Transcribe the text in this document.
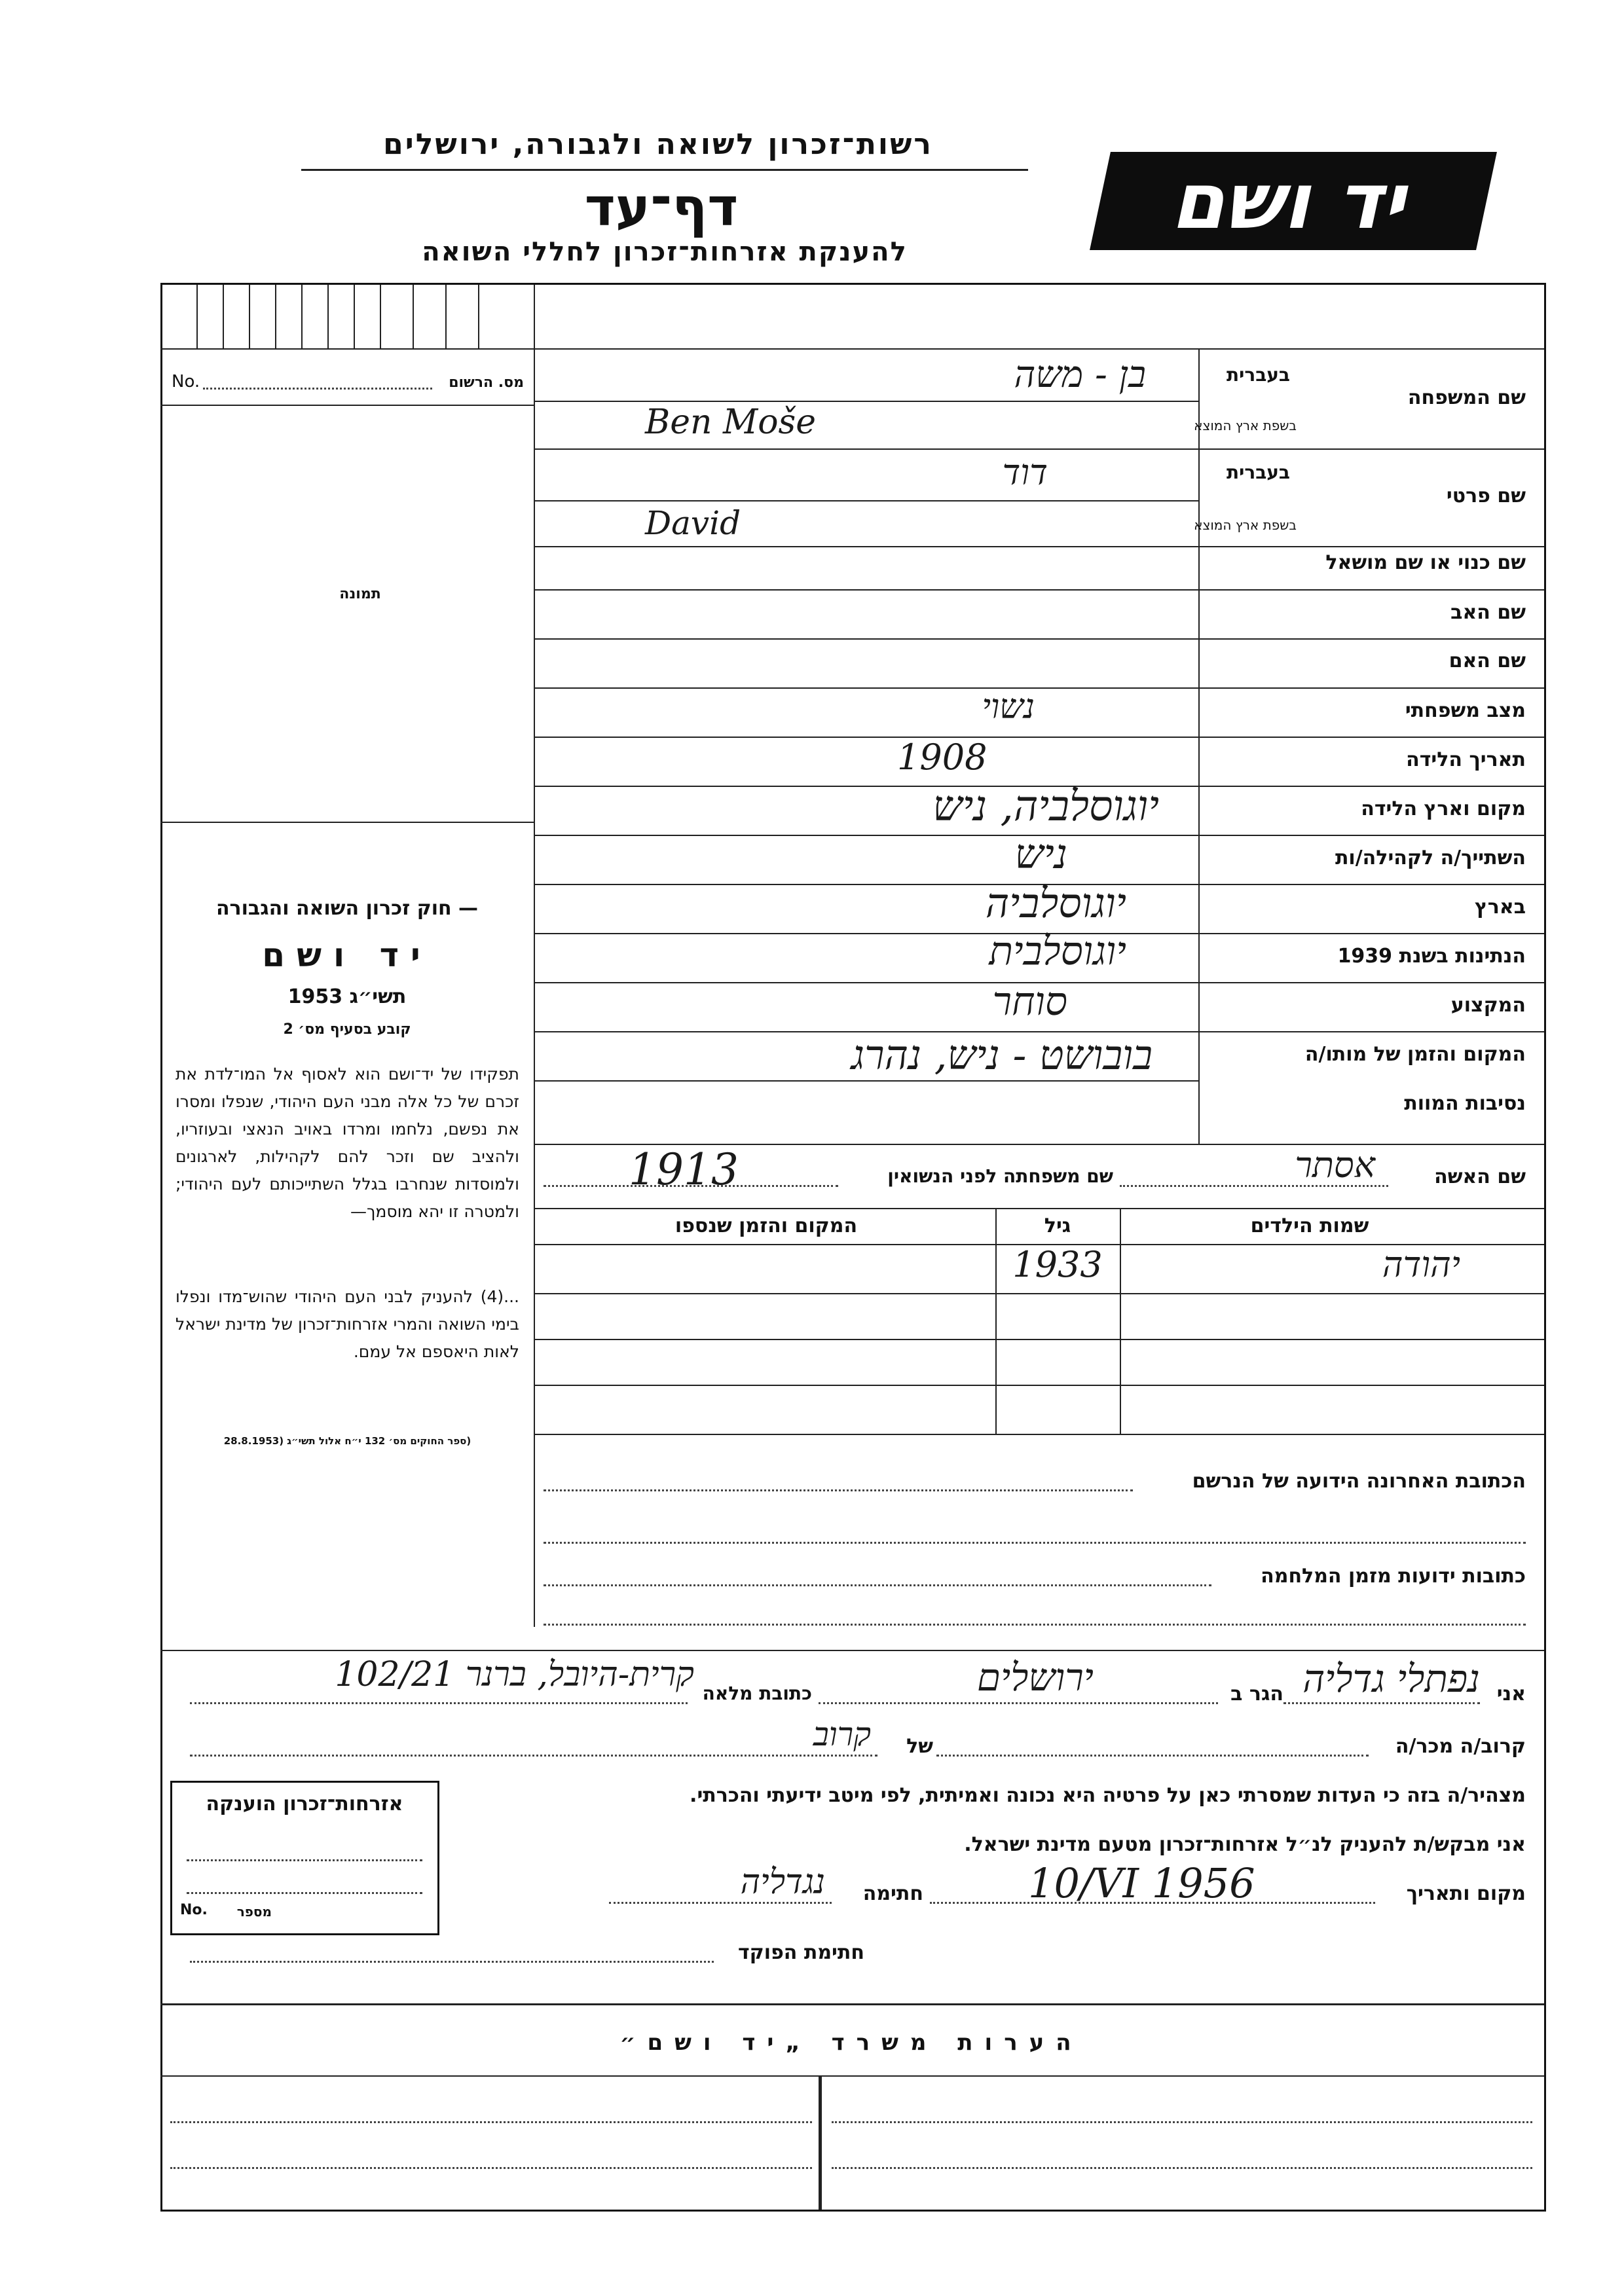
רשות־זכרון לשואה ולגבורה, ירושלים
דף־עד
להענקת אזרחות־זכרון לחללי השואה
יד ושם
No.	מס. הרשום
תמונה
— חוק זכרון השואה והגבורה
יד ושם
תשי״ג 1953
קובע בסעיף מס׳ 2
תפקידו של יד־ושם הוא לאסוף אל המו־לדת את זכרם של כל אלה מבני העם היהודי, שנפלו ומסרו את נפשם, נלחמו ומרדו באויב הנאצי ובעוזריו, ולהציב שם וזכר להם לקהילות, לארגונים ולמוסדות שנחרבו בגלל השתייכותם לעם היהודי; ולמטרה זו יהא מוסמך—
...(4) להעניק לבני העם היהודי שהוש־מדו ונפלו בימי השואה והמרי אזרחות־זכרון של מדינת ישראל לאות היאספם אל עמם.
(ספר החוקים מס׳ 132 י״ח אלול תשי״ג (28.8.1953
בעברית
שם המשפחה
בשפת ארץ המוצא
בן - משה
Ben Moše
בעברית
שם פרטי
בשפת ארץ המוצא
דוד
David
שם כנוי או שם מושאל
שם האב
שם האם
מצב משפחתי
נשוי
תאריך הלידה
1908
מקום וארץ הלידה
יוגוסלביה, ניש
השתייך/ה לקהילה/ות
ניש
בארץ
יוגוסלביה
הנתינות בשנת 1939
יוגוסלבית
המקצוע
סוחר
המקום והזמן של מותו/ה
בובושט - ניש, נהרג
נסיבות המוות
שם האשה
אסתר
שם משפחתה לפני הנשואין
1913
שמות הילדים
גיל
המקום והזמן שנספו
יהודה
1933
הכתובת האחרונה הידועה של הנרשם
כתובות ידועות מזמן המלחמה
אני
נפתלי גדליה
הגר ב
ירושלים
כתובת מלאה
קרית-היובל, ברנר 102/21
קרוב/ה מכר/ה
של
קרוב
מצהיר/ה בזה כי העדות שמסרתי כאן על פרטיה היא נכונה ואמיתית, לפי מיטב ידיעתי והכרתי.
אני מבקש/ת להעניק לנ״ל אזרחות־זכרון מטעם מדינת ישראל.
מקום ותאריך
10/VI 1956
חתימה
נגדליה
חתימת הפוקד
אזרחות־זכרון הוענקה
No.	מספר
הערות משרד „יד ושם״
